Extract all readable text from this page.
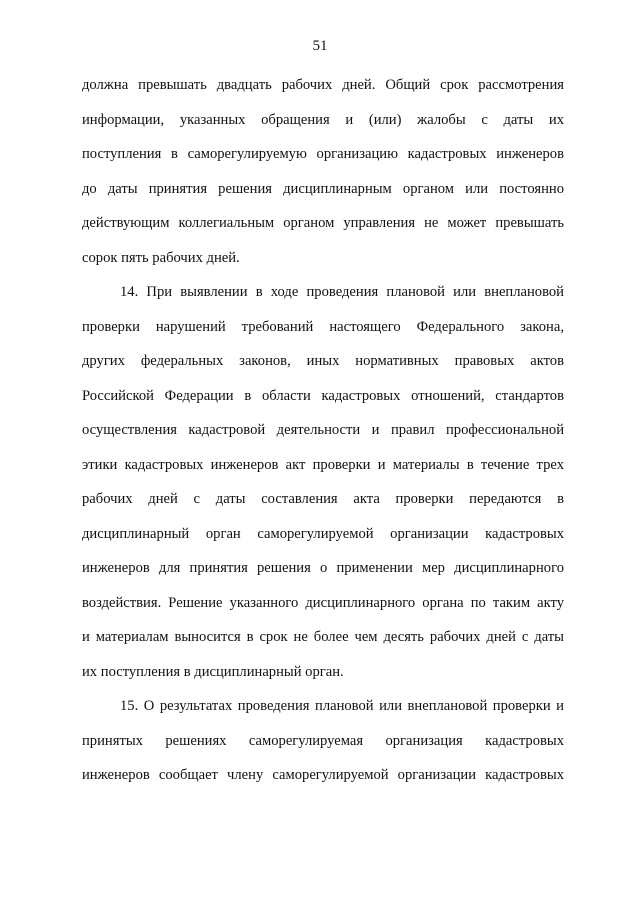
51
должна превышать двадцать рабочих дней. Общий срок рассмотрения
информации, указанных обращения и (или) жалобы с даты их
поступления в саморегулируемую организацию кадастровых инженеров
до даты принятия решения дисциплинарным органом или постоянно
действующим коллегиальным органом управления не может превышать
сорок пять рабочих дней.
14. При выявлении в ходе проведения плановой или внеплановой
проверки нарушений требований настоящего Федерального закона,
других федеральных законов, иных нормативных правовых актов
Российской Федерации в области кадастровых отношений, стандартов
осуществления кадастровой деятельности и правил профессиональной
этики кадастровых инженеров акт проверки и материалы в течение трех
рабочих дней с даты составления акта проверки передаются в
дисциплинарный орган саморегулируемой организации кадастровых
инженеров для принятия решения о применении мер дисциплинарного
воздействия. Решение указанного дисциплинарного органа по таким акту
и материалам выносится в срок не более чем десять рабочих дней с даты
их поступления в дисциплинарный орган.
15. О результатах проведения плановой или внеплановой проверки и
принятых решениях саморегулируемая организация кадастровых
инженеров сообщает члену саморегулируемой организации кадастровых
